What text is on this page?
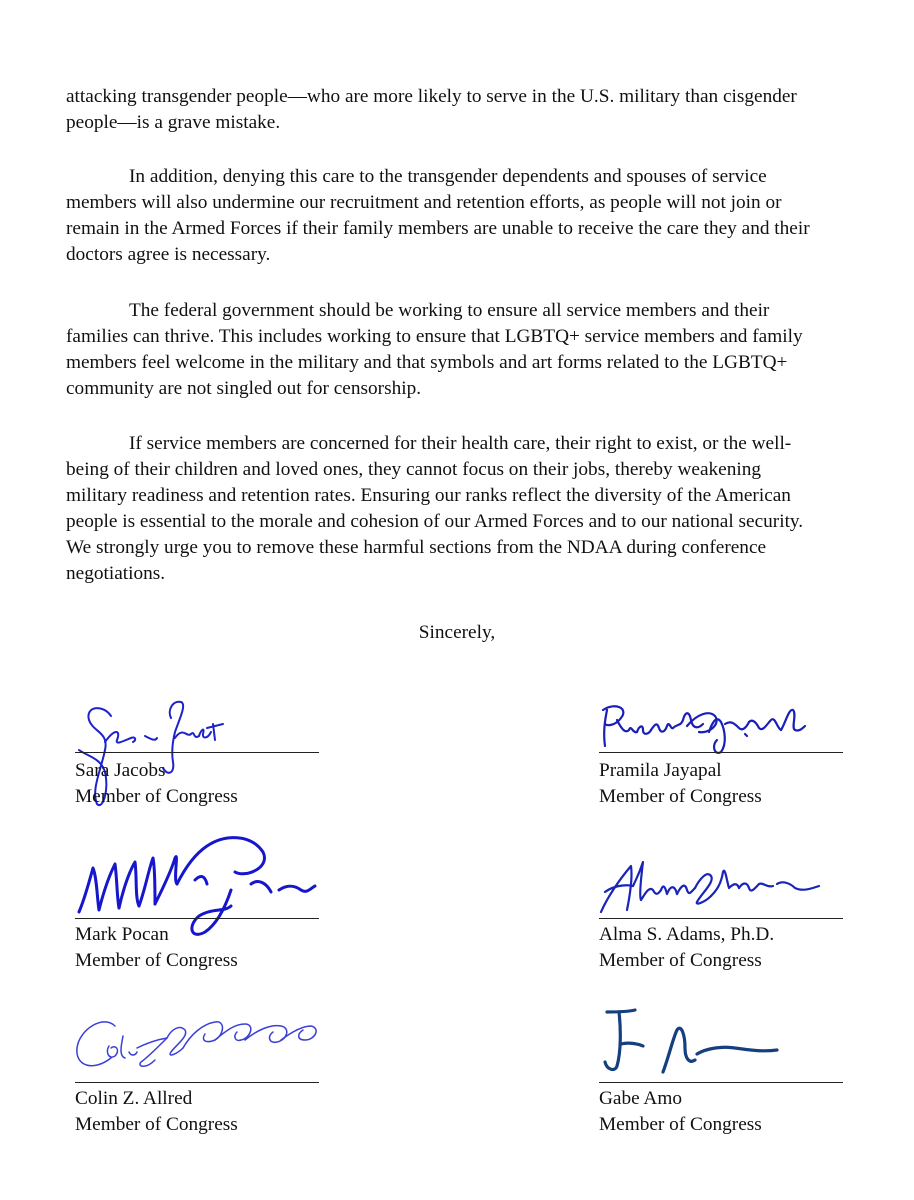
attacking transgender people—who are more likely to serve in the U.S. military than cisgender

people—is a grave mistake.

In addition, denying this care to the transgender dependents and spouses of service

members will also undermine our recruitment and retention efforts, as people will not join or

remain in the Armed Forces if their family members are unable to receive the care they and their

doctors agree is necessary.

The federal government should be working to ensure all service members and their

families can thrive. This includes working to ensure that LGBTQ+ service members and family

members feel welcome in the military and that symbols and art forms related to the LGBTQ+

community are not singled out for censorship.

If service members are concerned for their health care, their right to exist, or the well-

being of their children and loved ones, they cannot focus on their jobs, thereby weakening

military readiness and retention rates. Ensuring our ranks reflect the diversity of the American

people is essential to the morale and cohesion of our Armed Forces and to our national security.

We strongly urge you to remove these harmful sections from the NDAA during conference

negotiations.

Sincerely,
Sara Jacobs
Member of Congress
Pramila Jayapal
Member of Congress
Mark Pocan
Member of Congress
Alma S. Adams, Ph.D.
Member of Congress
Colin Z. Allred
Member of Congress
Gabe Amo
Member of Congress
